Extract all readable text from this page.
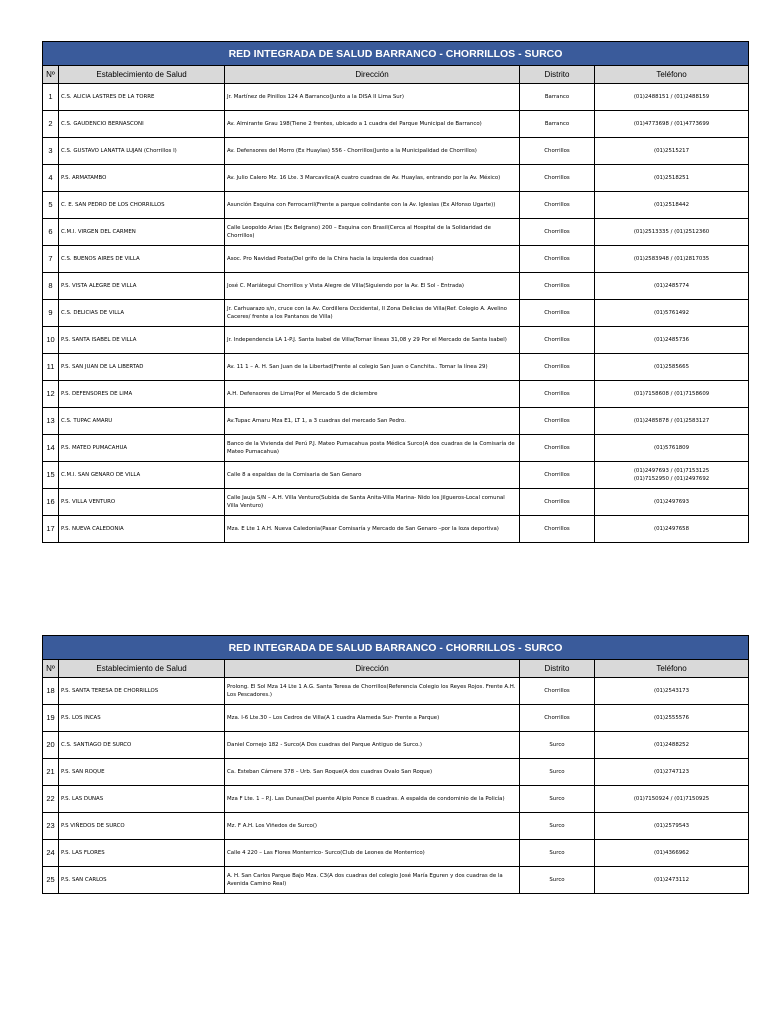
RED INTEGRADA DE SALUD BARRANCO - CHORRILLOS - SURCO				
Nº	Establecimiento de Salud	Dirección	Distrito	Teléfono
1	C.S. ALICIA LASTRES DE LA TORRE	Jr. Martínez de Pinillos 124 A Barranco(Junto a la DISA II Lima Sur)	Barranco	(01)2488151 / (01)2488159
2	C.S. GAUDENCIO BERNASCONI	Av. Almirante Grau 198(Tiene 2 frentes, ubicado a 1 cuadra del Parque Municipal de Barranco)	Barranco	(01)4773698 / (01)4773699
3	C.S. GUSTAVO LANATTA LUJAN (Chorrillos I)	Av. Defensores del Morro (Ex Huaylas) 556 - Chorrillos(Junto a la Municipalidad de Chorrillos)	Chorrillos	(01)2515217
4	P.S. ARMATAMBO	Av. Julio Calero Mz. 16 Lte. 3 Marcavilca(A cuatro cuadras de Av. Huaylas, entrando por la Av. México)	Chorrillos	(01)2518251
5	C. E. SAN PEDRO DE LOS CHORRILLOS	Asunción Esquina con Ferrocarril(Frente a parque colindante con la Av. Iglesias (Ex Alfonso Ugarte))	Chorrillos	(01)2518442
6	C.M.I. VIRGEN DEL CARMEN	Calle Leopoldo Arias (Ex Belgrano) 200 – Esquina con Brasil(Cerca al Hospital de la Solidaridad de Chorrillos)	Chorrillos	(01)2513335 / (01)2512360
7	C.S. BUENOS AIRES DE VILLA	Asoc. Pro Navidad Posta(Del grifo de la Chira hacia la izquierda dos cuadras)	Chorrillos	(01)2583948 / (01)2817035
8	P.S. VISTA ALEGRE DE VILLA	José C. Mariátegui Chorrillos y Vista Alegre de Villa(Siguiendo por la Av. El Sol - Entrada)	Chorrillos	(01)2485774
9	C.S. DELICIAS DE VILLA	Jr. Carhuarazo s/n, cruce con la Av. Cordillera Occidental, II Zona Delicias de Villa(Ref. Colegio A. Avelino Caceres/ frente a los Pantanos de Villa)	Chorrillos	(01)5761492
10	P.S. SANTA ISABEL DE VILLA	Jr. Independencia LA 1-P.J. Santa Isabel de Villa(Tomar líneas 31,08 y 29 Por el Mercado de Santa Isabel)	Chorrillos	(01)2485736
11	P.S. SAN JUAN DE LA LIBERTAD	Av. 11 1 – A. H. San Juan de la Libertad(Frente al colegio San Juan o Canchita.. Tomar la línea 29)	Chorrillos	(01)2585665
12	P.S. DEFENSORES DE LIMA	A.H. Defensores de Lima(Por el Mercado 5 de diciembre	Chorrillos	(01)7158608 / (01)7158609
13	C.S. TUPAC AMARU	Av.Tupac Amaru Mza E1, LT 1, a 3 cuadras del mercado San Pedro.	Chorrillos	(01)2485878 / (01)2583127
14	P.S. MATEO PUMACAHUA	Banco de la Vivienda del Perú P.J. Mateo Pumacahua posta Médica Surco(A dos cuadras de la Comisaría de Mateo Pumacahua)	Chorrillos	(01)5761809
15	C.M.I. SAN GENARO DE VILLA	Calle 8 a espaldas de la Comisaria de San Genaro	Chorrillos	(01)2497693 / (01)7153125
(01)7152950 / (01)2497692
16	P.S. VILLA VENTURO	Calle Jauja S/N – A.H. Villa Venturo(Subida de Santa Anita-Villa Marina- Nido los Jilgueros-Local comunal Villa Venturo)	Chorrillos	(01)2497693
17	P.S. NUEVA CALEDONIA	Mza. E Lte 1 A.H. Nueva Caledonia(Pasar Comisaría y Mercado de San Genaro –por la loza deportiva)	Chorrillos	(01)2497658
RED INTEGRADA DE SALUD BARRANCO - CHORRILLOS - SURCO				
Nº	Establecimiento de Salud	Dirección	Distrito	Teléfono
18	P.S. SANTA TERESA DE CHORRILLOS	Prolong. El Sol Mza 14 Lte 1 A.G. Santa Teresa de Chorrillos(Referencia Colegio los Reyes Rojos. Frente A.H. Los Pescadores.)	Chorrillos	(01)2543173
19	P.S. LOS INCAS	Mza. I-6 Lte.30 – Los Cedros de Villa(A 1 cuadra Alameda Sur- Frente a Parque)	Chorrillos	(01)2555576
20	C.S. SANTIAGO DE SURCO	Daniel Cornejo 182 - Surco(A Dos cuadras del Parque Antiguo de Surco.)	Surco	(01)2488252
21	P.S. SAN ROQUE	Ca. Esteban Cámere 378 – Urb. San Roque(A dos cuadras Ovalo San Roque)	Surco	(01)2747123
22	P.S. LAS DUNAS	Mza F Lte. 1 – P.J. Las Dunas(Del puente Alipio Ponce 8 cuadras. A espalda de condominio de la Policía)	Surco	(01)7150924 / (01)7150925
23	P.S VIÑEDOS DE SURCO	Mz. F A.H. Los Viñedos de Surco()	Surco	(01)2579543
24	P.S. LAS FLORES	Calle 4 220 – Las Flores Monterrico- Surco(Club de Leones de Monterrico)	Surco	(01)4366962
25	P.S. SAN CARLOS	A. H. San Carlos Parque Bajo Mza. C3(A dos cuadras del colegio José María Eguren y dos cuadras de la Avenida Camino Real)	Surco	(01)2473112
